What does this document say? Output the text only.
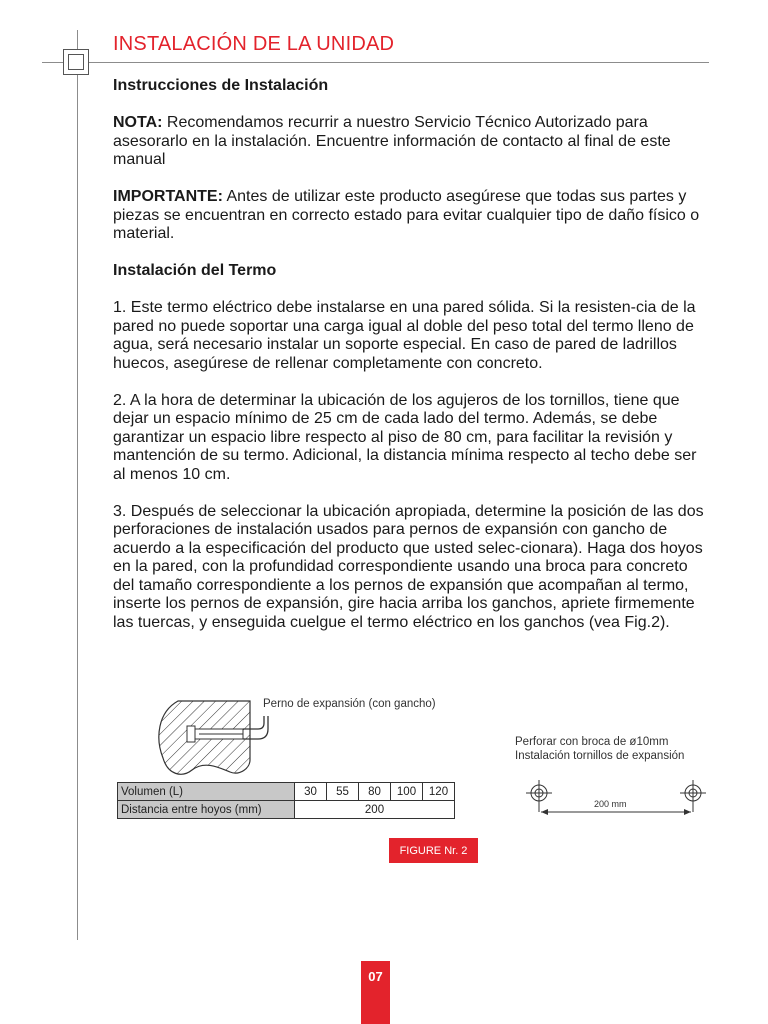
INSTALACIÓN DE LA UNIDAD
Instrucciones de Instalación

NOTA: Recomendamos recurrir a nuestro Servicio Técnico Autorizado para asesorarlo en la instalación. Encuentre información de contacto al final de este manual

IMPORTANTE: Antes de utilizar este producto asegúrese que todas sus partes y piezas se encuentran en correcto estado para evitar cualquier tipo de daño físico o material.

Instalación del Termo

1. Este termo eléctrico debe instalarse en una pared sólida. Si la resisten-cia de la pared no puede soportar una carga igual al doble del peso total del termo lleno de agua, será necesario instalar un soporte especial. En caso de pared de ladrillos huecos, asegúrese de rellenar completamente con concreto.

2. A la hora de determinar la ubicación de los agujeros de los tornillos, tiene que dejar un espacio mínimo de 25 cm de cada lado del termo. Además, se debe garantizar un espacio libre respecto al piso de 80 cm, para facilitar la revisión y mantención de su termo. Adicional, la distancia mínima respecto al techo debe ser al menos 10 cm.

3. Después de seleccionar la ubicación apropiada, determine la posición de las dos perforaciones de instalación usados para pernos de expansión con gancho de acuerdo a la especificación del producto que usted selec-cionara). Haga dos hoyos en la pared, con la profundidad correspondiente usando una broca para concreto del tamaño correspondiente a los pernos de expansión que acompañan al termo, inserte los pernos de expansión, gire hacia arriba los ganchos, apriete firmemente las tuercas, y enseguida cuelgue el termo eléctrico en los ganchos (vea Fig.2).

Perno de expansión (con gancho)
Perforar con broca de ø10mm
Instalación tornillos de expansión
200 mm
Volumen (L)	30	55	80	100	120
Distancia entre hoyos (mm)	200				
FIGURE Nr. 2
07
